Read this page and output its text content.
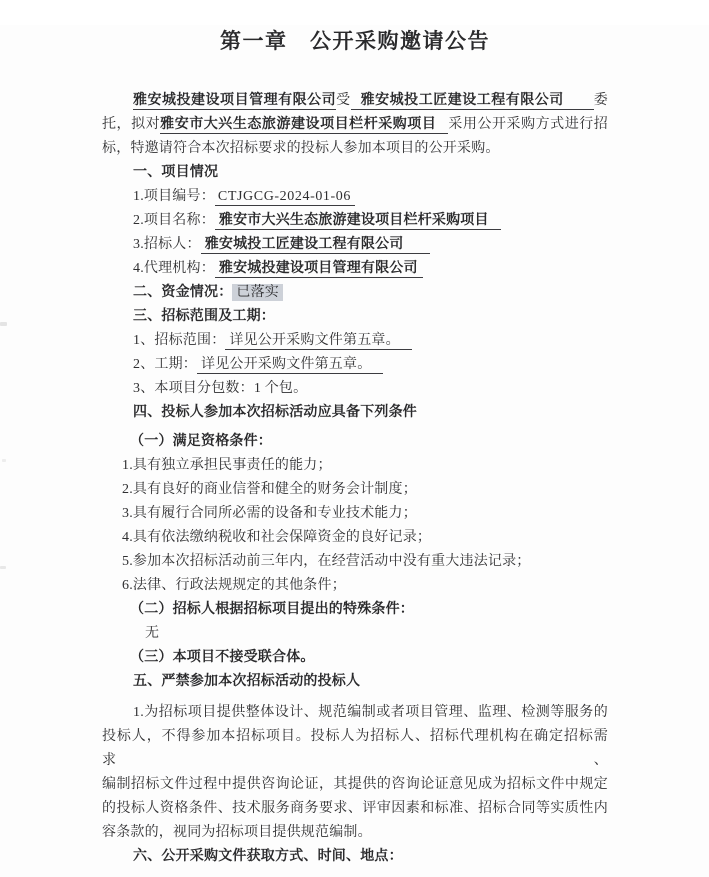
第一章　公开采购邀请公告
雅安城投建设项目管理有限公司受 雅安城投工匠建设工程有限公司 委
托，拟对雅安市大兴生态旅游建设项目栏杆采购项目 采用公开采购方式进行招
标，特邀请符合本次招标要求的投标人参加本项目的公开采购。
一、项目情况
1.项目编号： CTJGCG-2024-01-06
2.项目名称： 雅安市大兴生态旅游建设项目栏杆采购项目
3.招标人： 雅安城投工匠建设工程有限公司
4.代理机构： 雅安城投建设项目管理有限公司
二、资金情况： 已落实
三、招标范围及工期：
1、招标范围： 详见公开采购文件第五章。
2、工期： 详见公开采购文件第五章。
3、本项目分包数：1 个包。
四、投标人参加本次招标活动应具备下列条件
（一）满足资格条件：
1.具有独立承担民事责任的能力；
2.具有良好的商业信誉和健全的财务会计制度；
3.具有履行合同所必需的设备和专业技术能力；
4.具有依法缴纳税收和社会保障资金的良好记录；
5.参加本次招标活动前三年内，在经营活动中没有重大违法记录；
6.法律、行政法规规定的其他条件；
（二）招标人根据招标项目提出的特殊条件：
无
（三）本项目不接受联合体。
五、严禁参加本次招标活动的投标人
1.为招标项目提供整体设计、规范编制或者项目管理、监理、检测等服务的
投标人，不得参加本招标项目。投标人为招标人、招标代理机构在确定招标需求、
编制招标文件过程中提供咨询论证，其提供的咨询论证意见成为招标文件中规定
的投标人资格条件、技术服务商务要求、评审因素和标准、招标合同等实质性内
容条款的，视同为招标项目提供规范编制。
六、公开采购文件获取方式、时间、地点：
